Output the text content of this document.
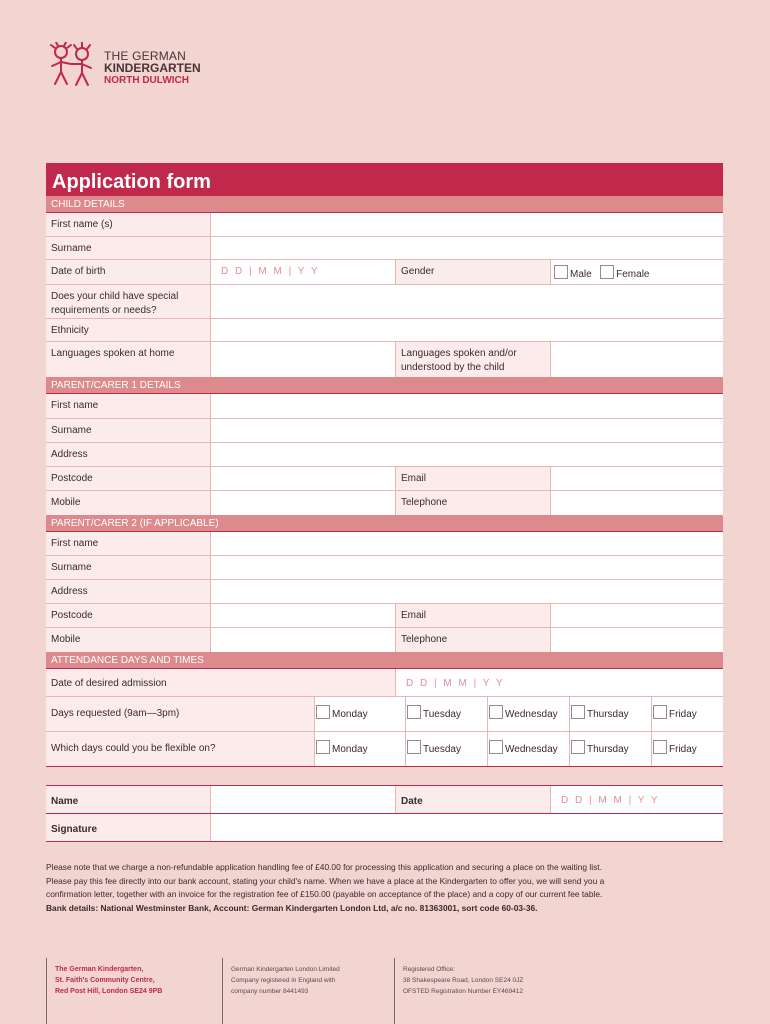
THE GERMAN
KINDERGARTEN
NORTH DULWICH
Application form
CHILD DETAILS
First name (s)
Surname
Date of birth	D D | M M | Y Y	Gender	Male Female
Does your child have special requirements or needs?
Ethnicity
Languages spoken at home	Languages spoken and/or understood by the child
PARENT/CARER 1 DETAILS
First name
Surname
Address
Postcode	Email
Mobile	Telephone
PARENT/CARER 2 (IF APPLICABLE)
First name
Surname
Address
Postcode	Email
Mobile	Telephone
ATTENDANCE DAYS AND TIMES
Date of desired admission	D D | M M | Y Y
Days requested (9am—3pm)	Monday	Tuesday	Wednesday	Thursday	Friday
Which days could you be flexible on?	Monday	Tuesday	Wednesday	Thursday	Friday
Name	Date	D D | M M | Y Y
Signature

Please note that we charge a non-refundable application handling fee of £40.00 for processing this application and securing a place on the waiting list.

Please pay this fee directly into our bank account, stating your child's name. When we have a place at the Kindergarten to offer you, we will send you a

confirmation letter, together with an invoice for the registration fee of £150.00 (payable on acceptance of the place) and a copy of our current fee table.

Bank details: National Westminster Bank, Account: German Kindergarten London Ltd, a/c no. 81363001, sort code 60-03-36.

The German Kindergarten,
St. Faith's Community Centre,
Red Post Hill, London SE24 9PB
German Kindergarten London Limited
Company registered in England with
company number 8441493
Registered Office:
38 Shakespeare Road, London SE24 0JZ
OFSTED Registration Number EY469412
